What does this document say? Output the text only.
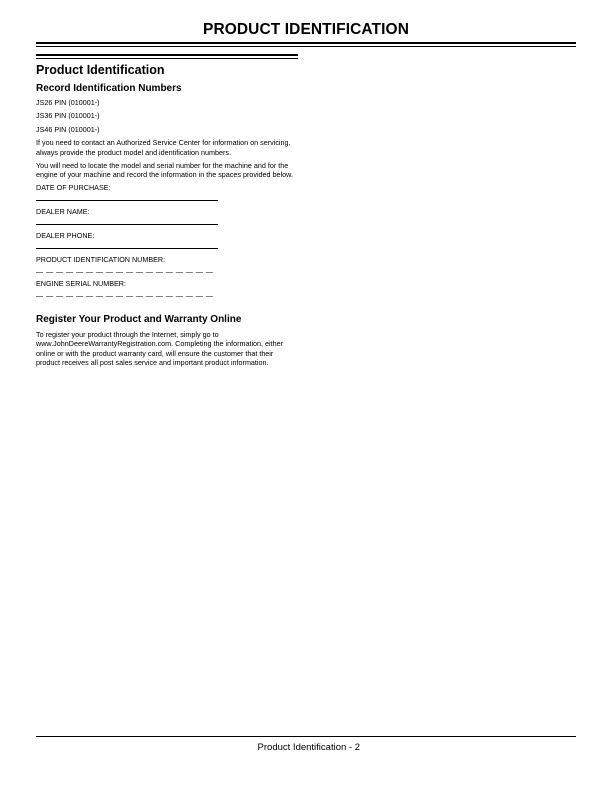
PRODUCT IDENTIFICATION
Product Identification
Record Identification Numbers
JS26 PIN (010001-)
JS36 PIN (010001-)
JS46 PIN (010001-)
If you need to contact an Authorized Service Center for information on servicing, always provide the product model and identification numbers.
You will need to locate the model and serial number for the machine and for the engine of your machine and record the information in the spaces provided below.
DATE OF PURCHASE:
DEALER NAME:
DEALER PHONE:
PRODUCT IDENTIFICATION NUMBER:
— — — — — — — — — — — — — — — — — —
ENGINE SERIAL NUMBER:
— — — — — — — — — — — — — — — — — —
Register Your Product and Warranty Online
To register your product through the Internet, simply go to www.JohnDeereWarrantyRegistration.com. Completing the information, either online or with the product warranty card, will ensure the customer that their product receives all post sales service and important product information.
Product Identification - 2
